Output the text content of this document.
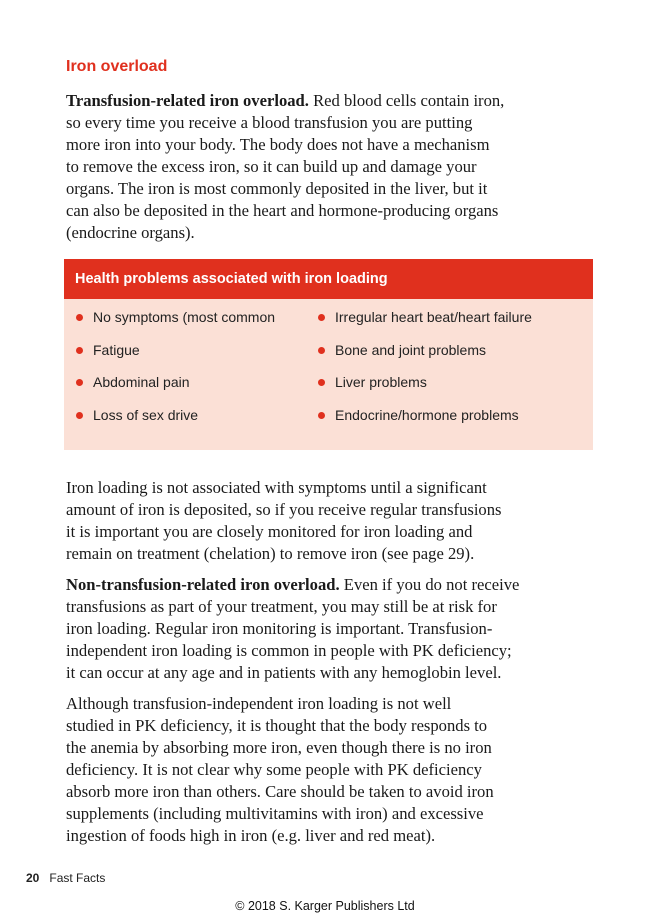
Iron overload

Transfusion-related iron overload. Red blood cells contain iron,
so every time you receive a blood transfusion you are putting
more iron into your body. The body does not have a mechanism
to remove the excess iron, so it can build up and damage your
organs. The iron is most commonly deposited in the liver, but it
can also be deposited in the heart and hormone-producing organs
(endocrine organs).

Health problems associated with iron loading
No symptoms (most common
Fatigue
Abdominal pain
Loss of sex drive
Irregular heart beat/heart failure
Bone and joint problems
Liver problems
Endocrine/hormone problems

Iron loading is not associated with symptoms until a significant
amount of iron is deposited, so if you receive regular transfusions
it is important you are closely monitored for iron loading and
remain on treatment (chelation) to remove iron (see page 29).

Non-transfusion-related iron overload. Even if you do not receive
transfusions as part of your treatment, you may still be at risk for
iron loading. Regular iron monitoring is important. Transfusion-
independent iron loading is common in people with PK deficiency;
it can occur at any age and in patients with any hemoglobin level.

Although transfusion-independent iron loading is not well
studied in PK deficiency, it is thought that the body responds to
the anemia by absorbing more iron, even though there is no iron
deficiency. It is not clear why some people with PK deficiency
absorb more iron than others. Care should be taken to avoid iron
supplements (including multivitamins with iron) and excessive
ingestion of foods high in iron (e.g. liver and red meat).

20 Fast Facts
© 2018 S. Karger Publishers Ltd
